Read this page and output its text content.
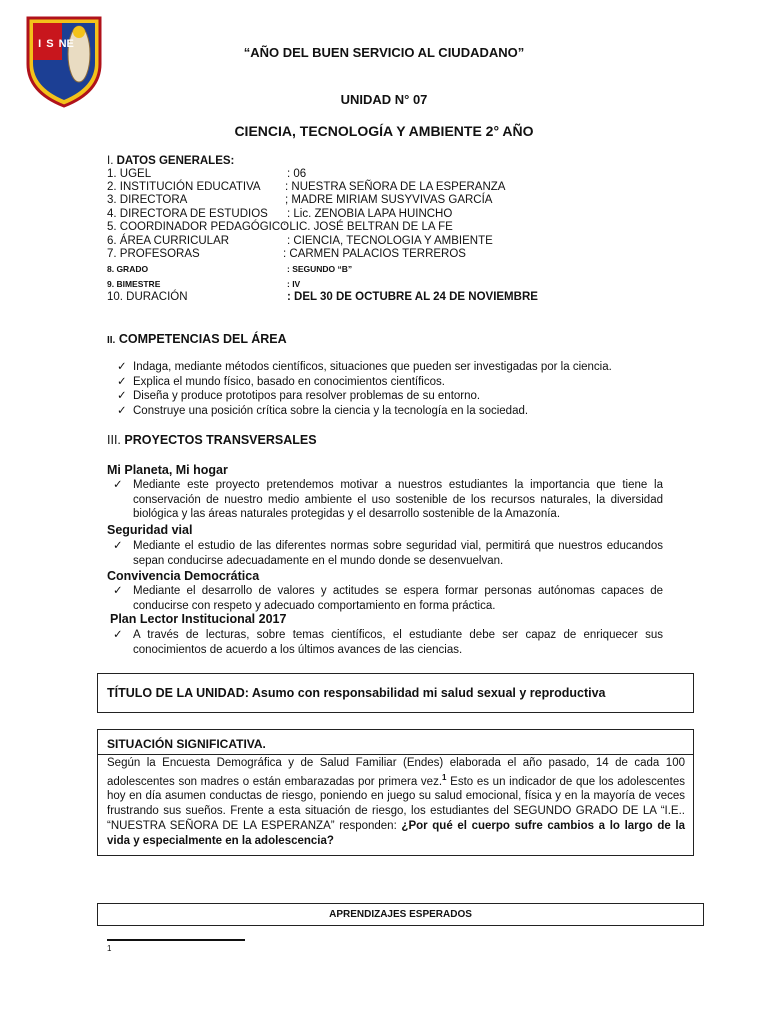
I S NE
“AÑO DEL BUEN SERVICIO AL CIUDADANO”
UNIDAD N° 07
CIENCIA, TECNOLOGÍA Y AMBIENTE 2° AÑO
I. DATOS GENERALES:
1. UGEL	: 06
2. INSTITUCIÓN EDUCATIVA : NUESTRA SEÑORA DE LA ESPERANZA
3. DIRECTORA	; MADRE MIRIAM SUSYVIVAS GARCÍA
4. DIRECTORA DE ESTUDIOS : Lic. ZENOBIA LAPA HUINCHO
5. COORDINADOR PEDAGÓGICO
: LIC. JOSÉ BELTRAN DE LA FE
6. ÁREA CURRICULAR	: CIENCIA, TECNOLOGIA Y AMBIENTE
7. PROFESORAS	: CARMEN PALACIOS TERREROS
8. GRADO	: SEGUNDO “B”
9. BIMESTRE	: IV
10. DURACIÓN	: DEL 30 DE OCTUBRE AL 24 DE NOVIEMBRE
II. COMPETENCIAS DEL ÁREA
✓ Indaga, mediante métodos científicos, situaciones que pueden ser investigadas por la ciencia.
✓ Explica el mundo físico, basado en conocimientos científicos.
✓ Diseña y produce prototipos para resolver problemas de su entorno.
✓ Construye una posición crítica sobre la ciencia y la tecnología en la sociedad.
III. PROYECTOS TRANSVERSALES
Mi Planeta, Mi hogar
✓ Mediante este proyecto pretendemos motivar a nuestros estudiantes la importancia que tiene la conservación de nuestro medio ambiente el uso sostenible de los recursos naturales, la diversidad biológica y las áreas naturales protegidas y el desarrollo sostenible de la Amazonía.
Seguridad vial
✓ Mediante el estudio de las diferentes normas sobre seguridad vial, permitirá que nuestros educandos sepan conducirse adecuadamente en el mundo donde se desenvuelvan.
Convivencia Democrática
✓ Mediante el desarrollo de valores y actitudes se espera formar personas autónomas capaces de conducirse con respeto y adecuado comportamiento en forma práctica.
Plan Lector Institucional 2017
✓ A través de lecturas, sobre temas científicos, el estudiante debe ser capaz de enriquecer sus conocimientos de acuerdo a los últimos avances de las ciencias.
TÍTULO DE LA UNIDAD: Asumo con responsabilidad mi salud sexual y reproductiva
SITUACIÓN SIGNIFICATIVA.
Según la Encuesta Demográfica y de Salud Familiar (Endes) elaborada el año pasado, 14 de cada 100 adolescentes son madres o están embarazadas por primera vez.$^1$ Esto es un indicador de que los adolescentes hoy en día asumen conductas de riesgo, poniendo en juego su salud emocional, física y en la mayoría de veces frustrando sus sueños. Frente a esta situación de riesgo, los estudiantes del SEGUNDO GRADO DE LA “I.E.. “NUESTRA SEÑORA DE LA ESPERANZA” responden: ¿Por qué el cuerpo sufre cambios a lo largo de la vida y especialmente en la adolescencia?
APRENDIZAJES ESPERADOS
1
